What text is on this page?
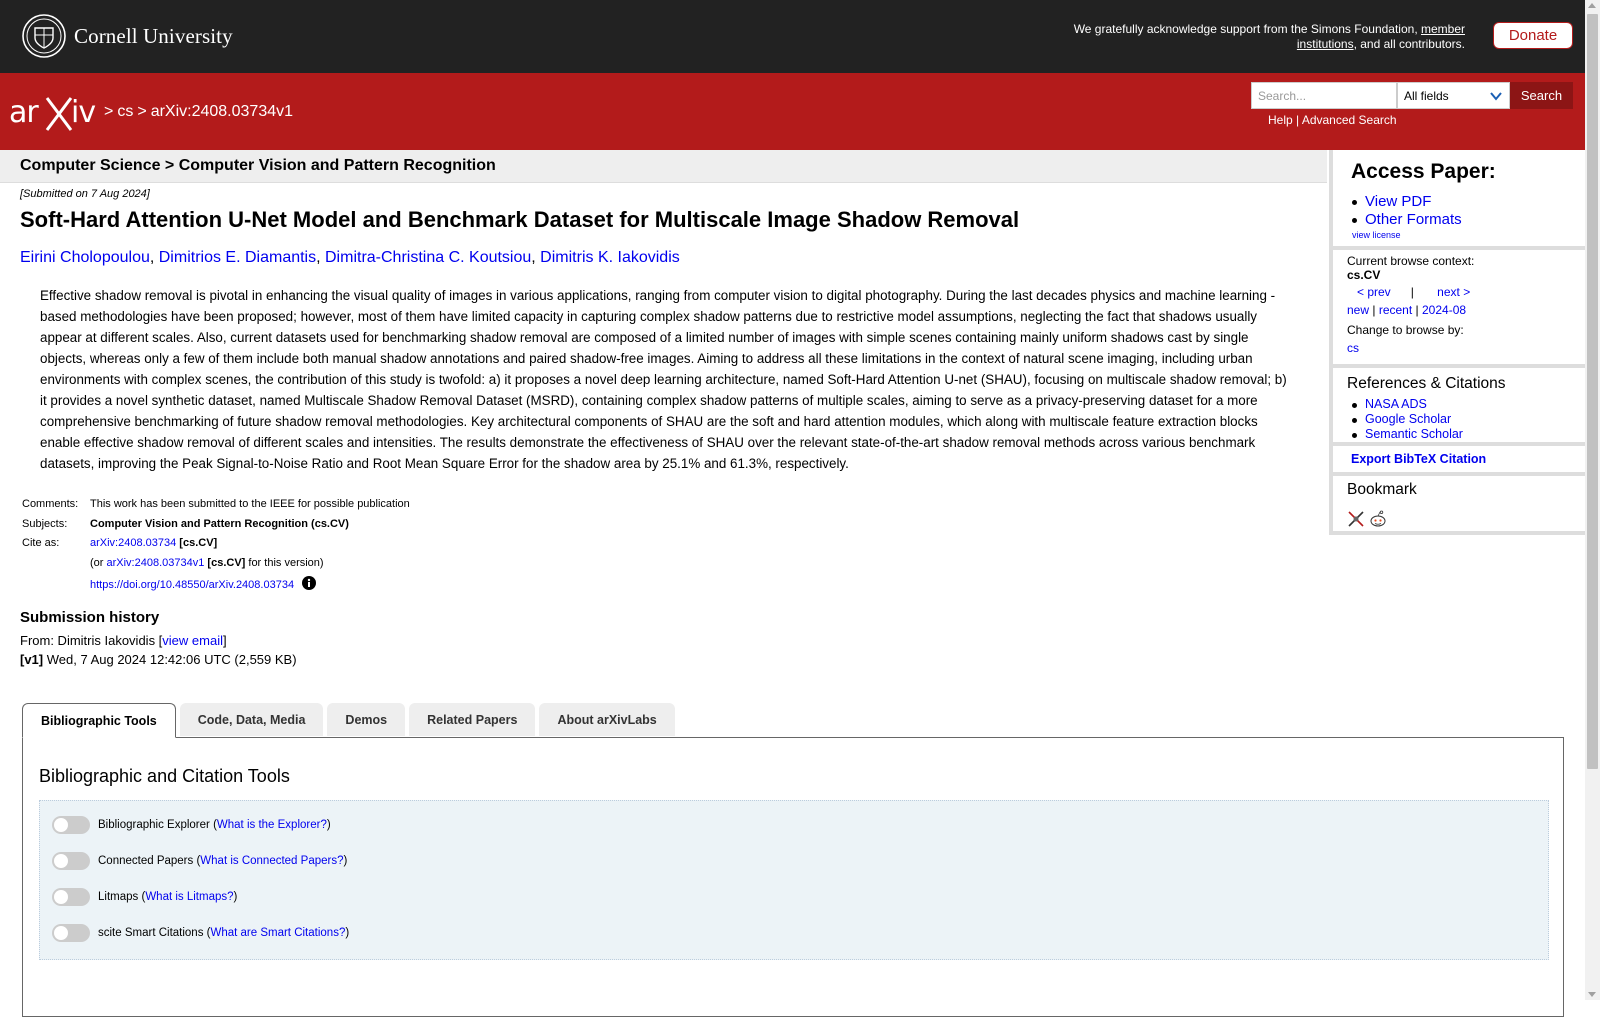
Cornell University	We gratefully acknowledge support from the Simons Foundation, member institutions, and all contributors.	Donate
ar iv > cs > arXiv:2408.03734v1
Search...	All fields	Search
Help | Advanced Search
Computer Science > Computer Vision and Pattern Recognition
[Submitted on 7 Aug 2024]
Soft-Hard Attention U-Net Model and Benchmark Dataset for Multiscale Image Shadow Removal
Eirini Cholopoulou, Dimitrios E. Diamantis, Dimitra-Christina C. Koutsiou, Dimitris K. Iakovidis

Effective shadow removal is pivotal in enhancing the visual quality of images in various applications, ranging from computer vision to digital photography. During the last decades physics and machine learning -based methodologies have been proposed; however, most of them have limited capacity in capturing complex shadow patterns due to restrictive model assumptions, neglecting the fact that shadows usually appear at different scales. Also, current datasets used for benchmarking shadow removal are composed of a limited number of images with simple scenes containing mainly uniform shadows cast by single objects, whereas only a few of them include both manual shadow annotations and paired shadow-free images. Aiming to address all these limitations in the context of natural scene imaging, including urban environments with complex scenes, the contribution of this study is twofold: a) it proposes a novel deep learning architecture, named Soft-Hard Attention U-net (SHAU), focusing on multiscale shadow removal; b) it provides a novel synthetic dataset, named Multiscale Shadow Removal Dataset (MSRD), containing complex shadow patterns of multiple scales, aiming to serve as a privacy-preserving dataset for a more comprehensive benchmarking of future shadow removal methodologies. Key architectural components of SHAU are the soft and hard attention modules, which along with multiscale feature extraction blocks enable effective shadow removal of different scales and intensities. The results demonstrate the effectiveness of SHAU over the relevant state-of-the-art shadow removal methods across various benchmark datasets, improving the Peak Signal-to-Noise Ratio and Root Mean Square Error for the shadow area by 25.1% and 61.3%, respectively.

Comments:	This work has been submitted to the IEEE for possible publication
Subjects:	Computer Vision and Pattern Recognition (cs.CV)
Cite as:	arXiv:2408.03734 [cs.CV]
(or arXiv:2408.03734v1 [cs.CV] for this version)
https://doi.org/10.48550/arXiv.2408.03734
Submission history
From: Dimitris Iakovidis [view email]
[v1] Wed, 7 Aug 2024 12:42:06 UTC (2,559 KB)
Bibliographic Tools	Code, Data, Media	Demos	Related Papers	About arXivLabs
Bibliographic and Citation Tools
Bibliographic Explorer ( What is the Explorer? )
Connected Papers ( What is Connected Papers? )
Litmaps ( What is Litmaps? )
scite Smart Citations ( What are Smart Citations? )
Access Paper:
View PDF
Other Formats
view license
Current browse context:
cs.CV
< prev | next >
new | recent | 2024-08
Change to browse by:
cs
References & Citations
NASA ADS
Google Scholar
Semantic Scholar
Export BibTeX Citation
Bookmark
